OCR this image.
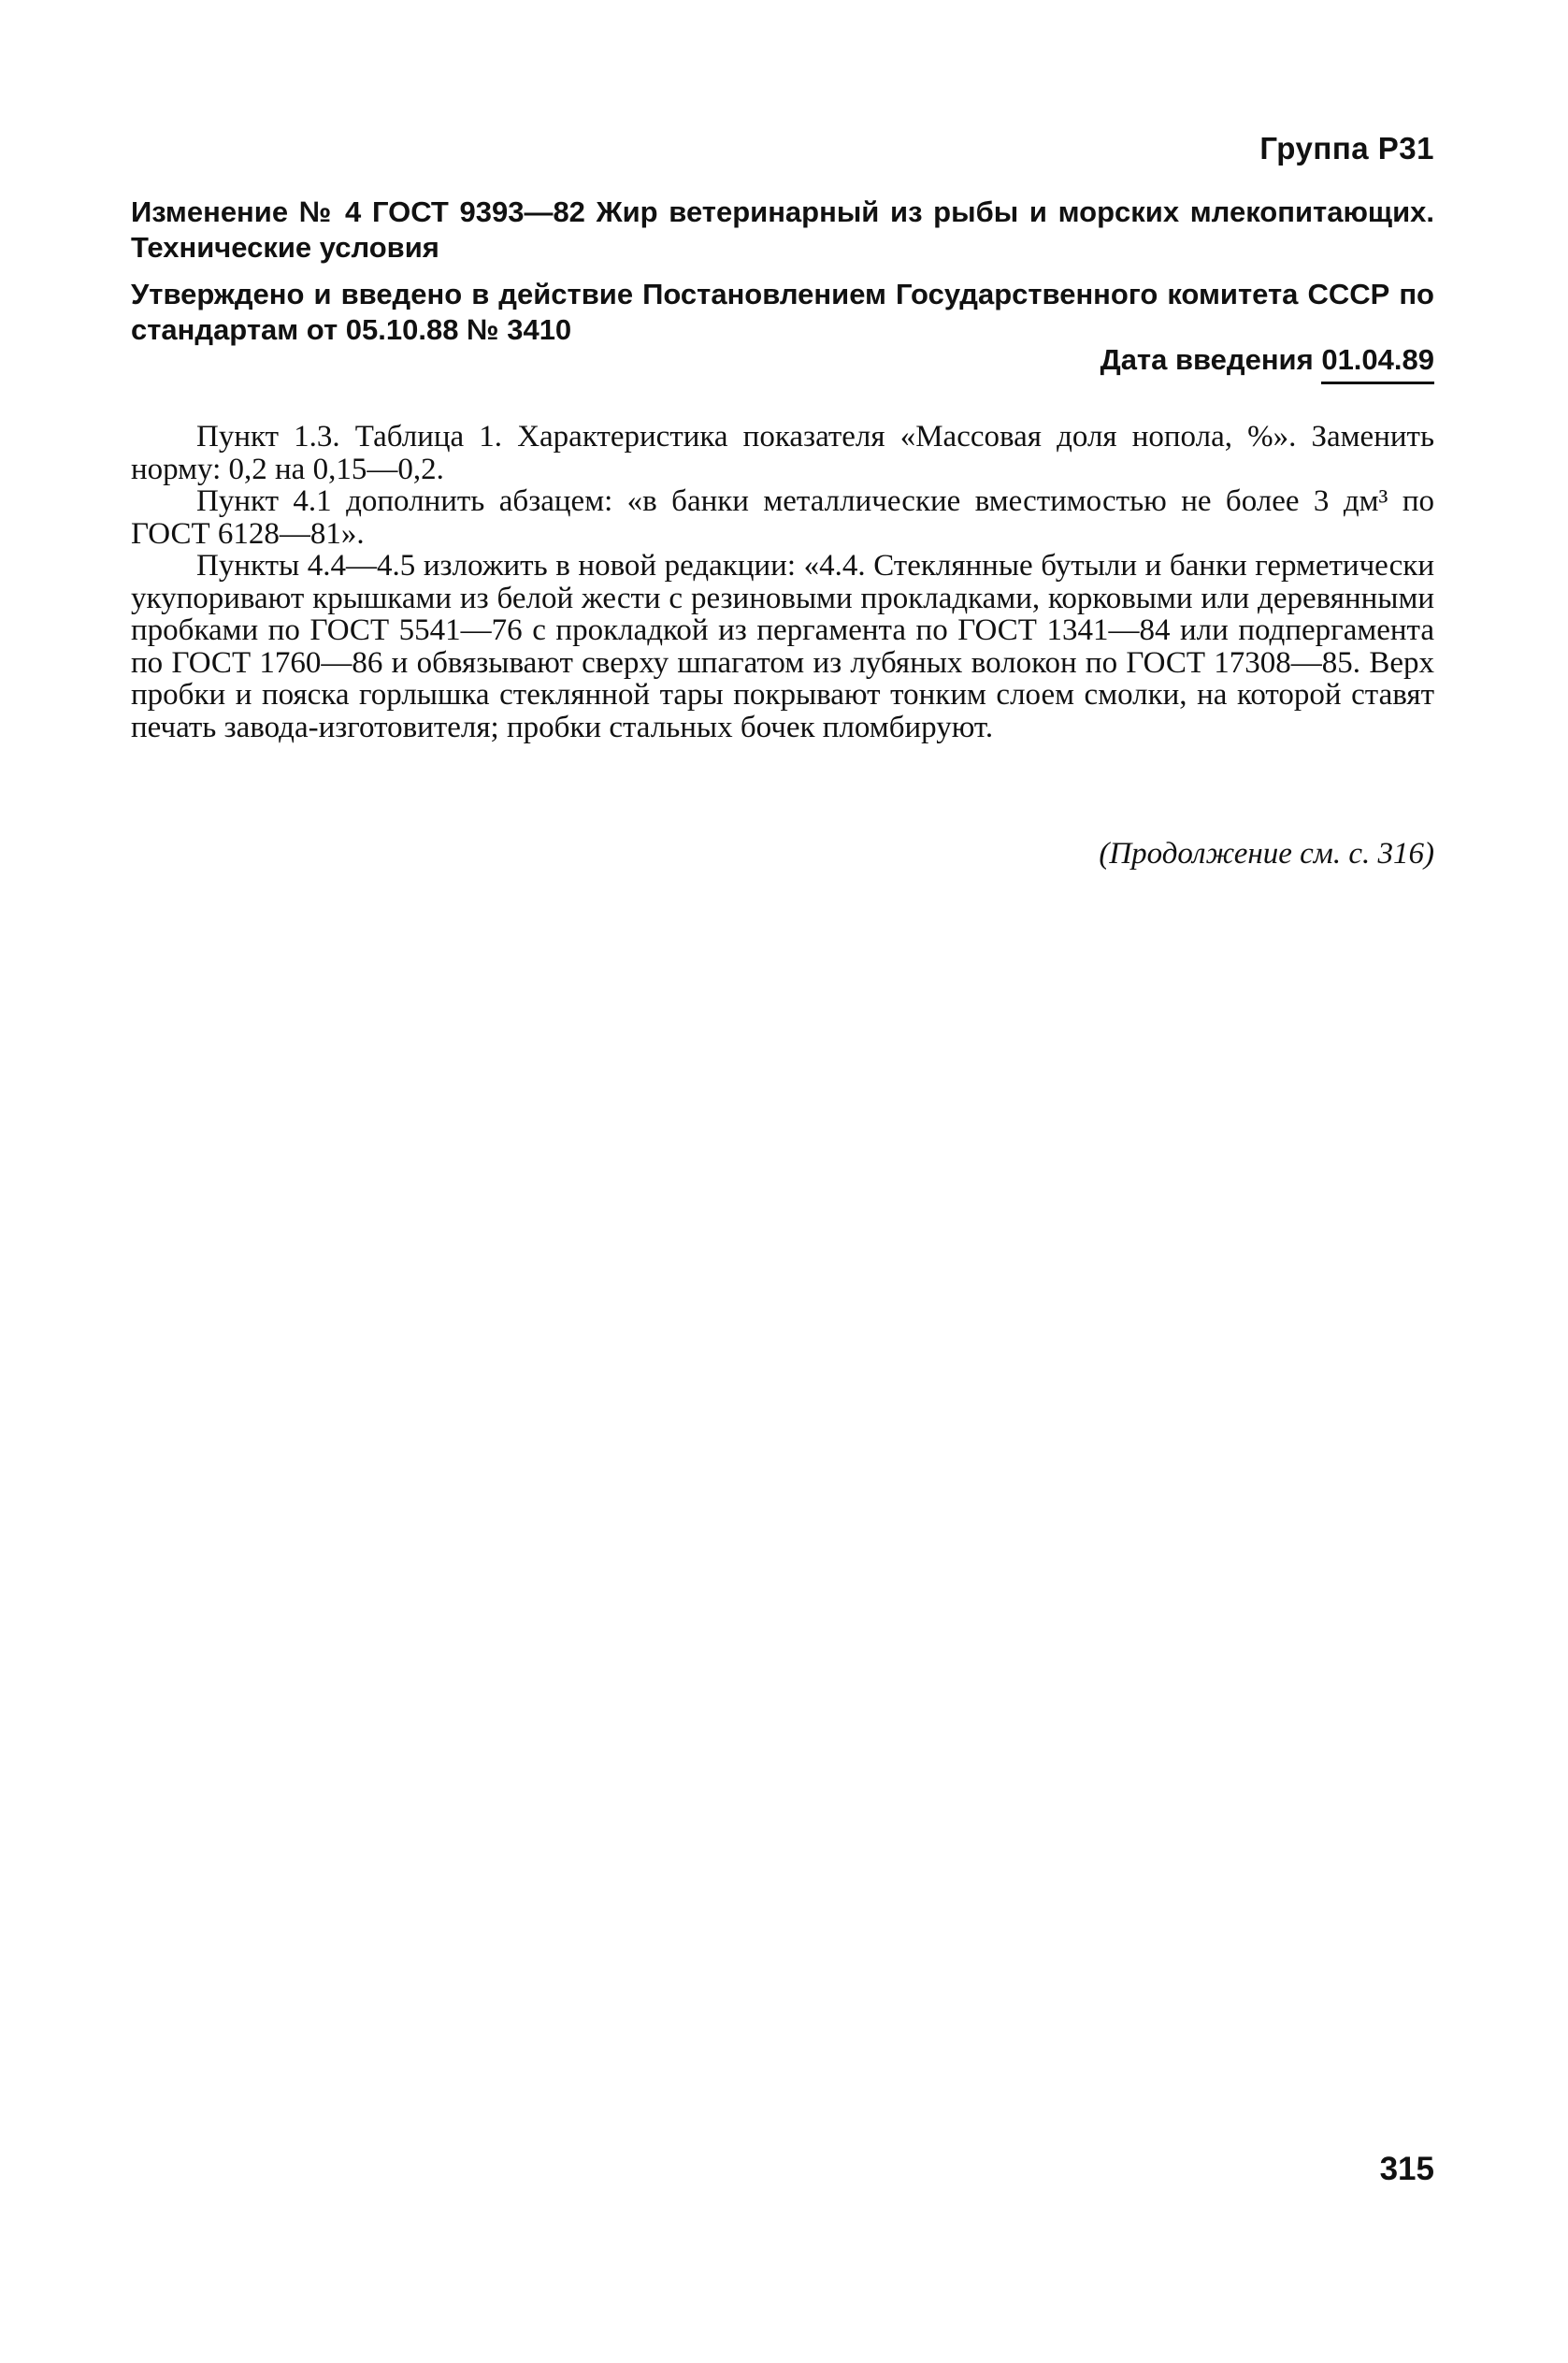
Группа Р31
Изменение № 4 ГОСТ 9393—82 Жир ветеринарный из рыбы и морских млекопитающих. Технические условия
Утверждено и введено в действие Постановлением Государственного комитета СССР по стандартам от 05.10.88 № 3410
Дата введения 01.04.89

Пункт 1.3. Таблица 1. Характеристика показателя «Массовая доля нопола, %». Заменить норму: 0,2 на 0,15—0,2.

Пункт 4.1 дополнить абзацем: «в банки металлические вместимостью не более 3 дм³ по ГОСТ 6128—81».

Пункты 4.4—4.5 изложить в новой редакции: «4.4. Стеклянные бутыли и банки герметически укупоривают крышками из белой жести с резиновыми прокладками, корковыми или деревянными пробками по ГОСТ 5541—76 с прокладкой из пергамента по ГОСТ 1341—84 или подпергамента по ГОСТ 1760—86 и обвязывают сверху шпагатом из лубяных волокон по ГОСТ 17308—85. Верх пробки и пояска горлышка стеклянной тары покрывают тонким слоем смолки, на которой ставят печать завода-изготовителя; пробки стальных бочек пломбируют.

(Продолжение см. с. 316)
315
